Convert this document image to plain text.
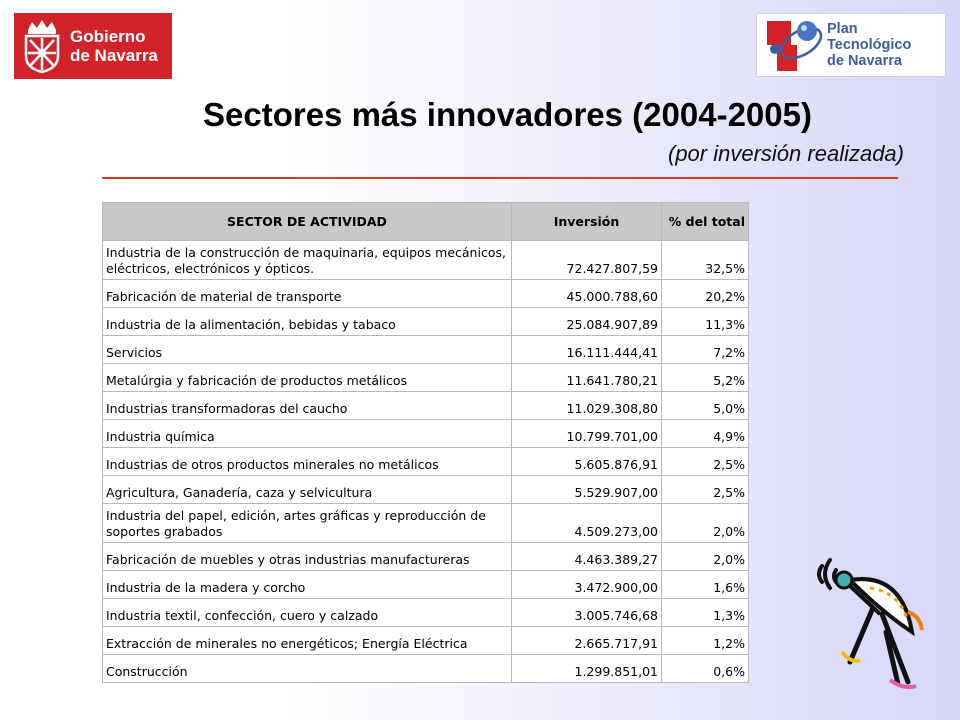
Gobierno
de Navarra
Plan
Tecnológico
de Navarra
Sectores más innovadores (2004-2005)
(por inversión realizada)
SECTOR DE ACTIVIDAD	Inversión	% del total
Industria de la construcción de maquinaria, equipos mecánicos, eléctricos, electrónicos y ópticos.	72.427.807,59	32,5%
Fabricación de material de transporte	45.000.788,60	20,2%
Industria de la alimentación, bebidas y tabaco	25.084.907,89	11,3%
Servicios	16.111.444,41	7,2%
Metalúrgia y fabricación de productos metálicos	11.641.780,21	5,2%
Industrias transformadoras del caucho	11.029.308,80	5,0%
Industria química	10.799.701,00	4,9%
Industrias de otros productos minerales no metálicos	5.605.876,91	2,5%
Agricultura, Ganadería, caza y selvicultura	5.529.907,00	2,5%
Industria del papel, edición, artes gráficas y reproducción de soportes grabados	4.509.273,00	2,0%
Fabricación de muebles y otras industrias manufactureras	4.463.389,27	2,0%
Industria de la madera y corcho	3.472.900,00	1,6%
Industria textil, confección, cuero y calzado	3.005.746,68	1,3%
Extracción de minerales no energéticos; Energía Eléctrica	2.665.717,91	1,2%
Construcción	1.299.851,01	0,6%
